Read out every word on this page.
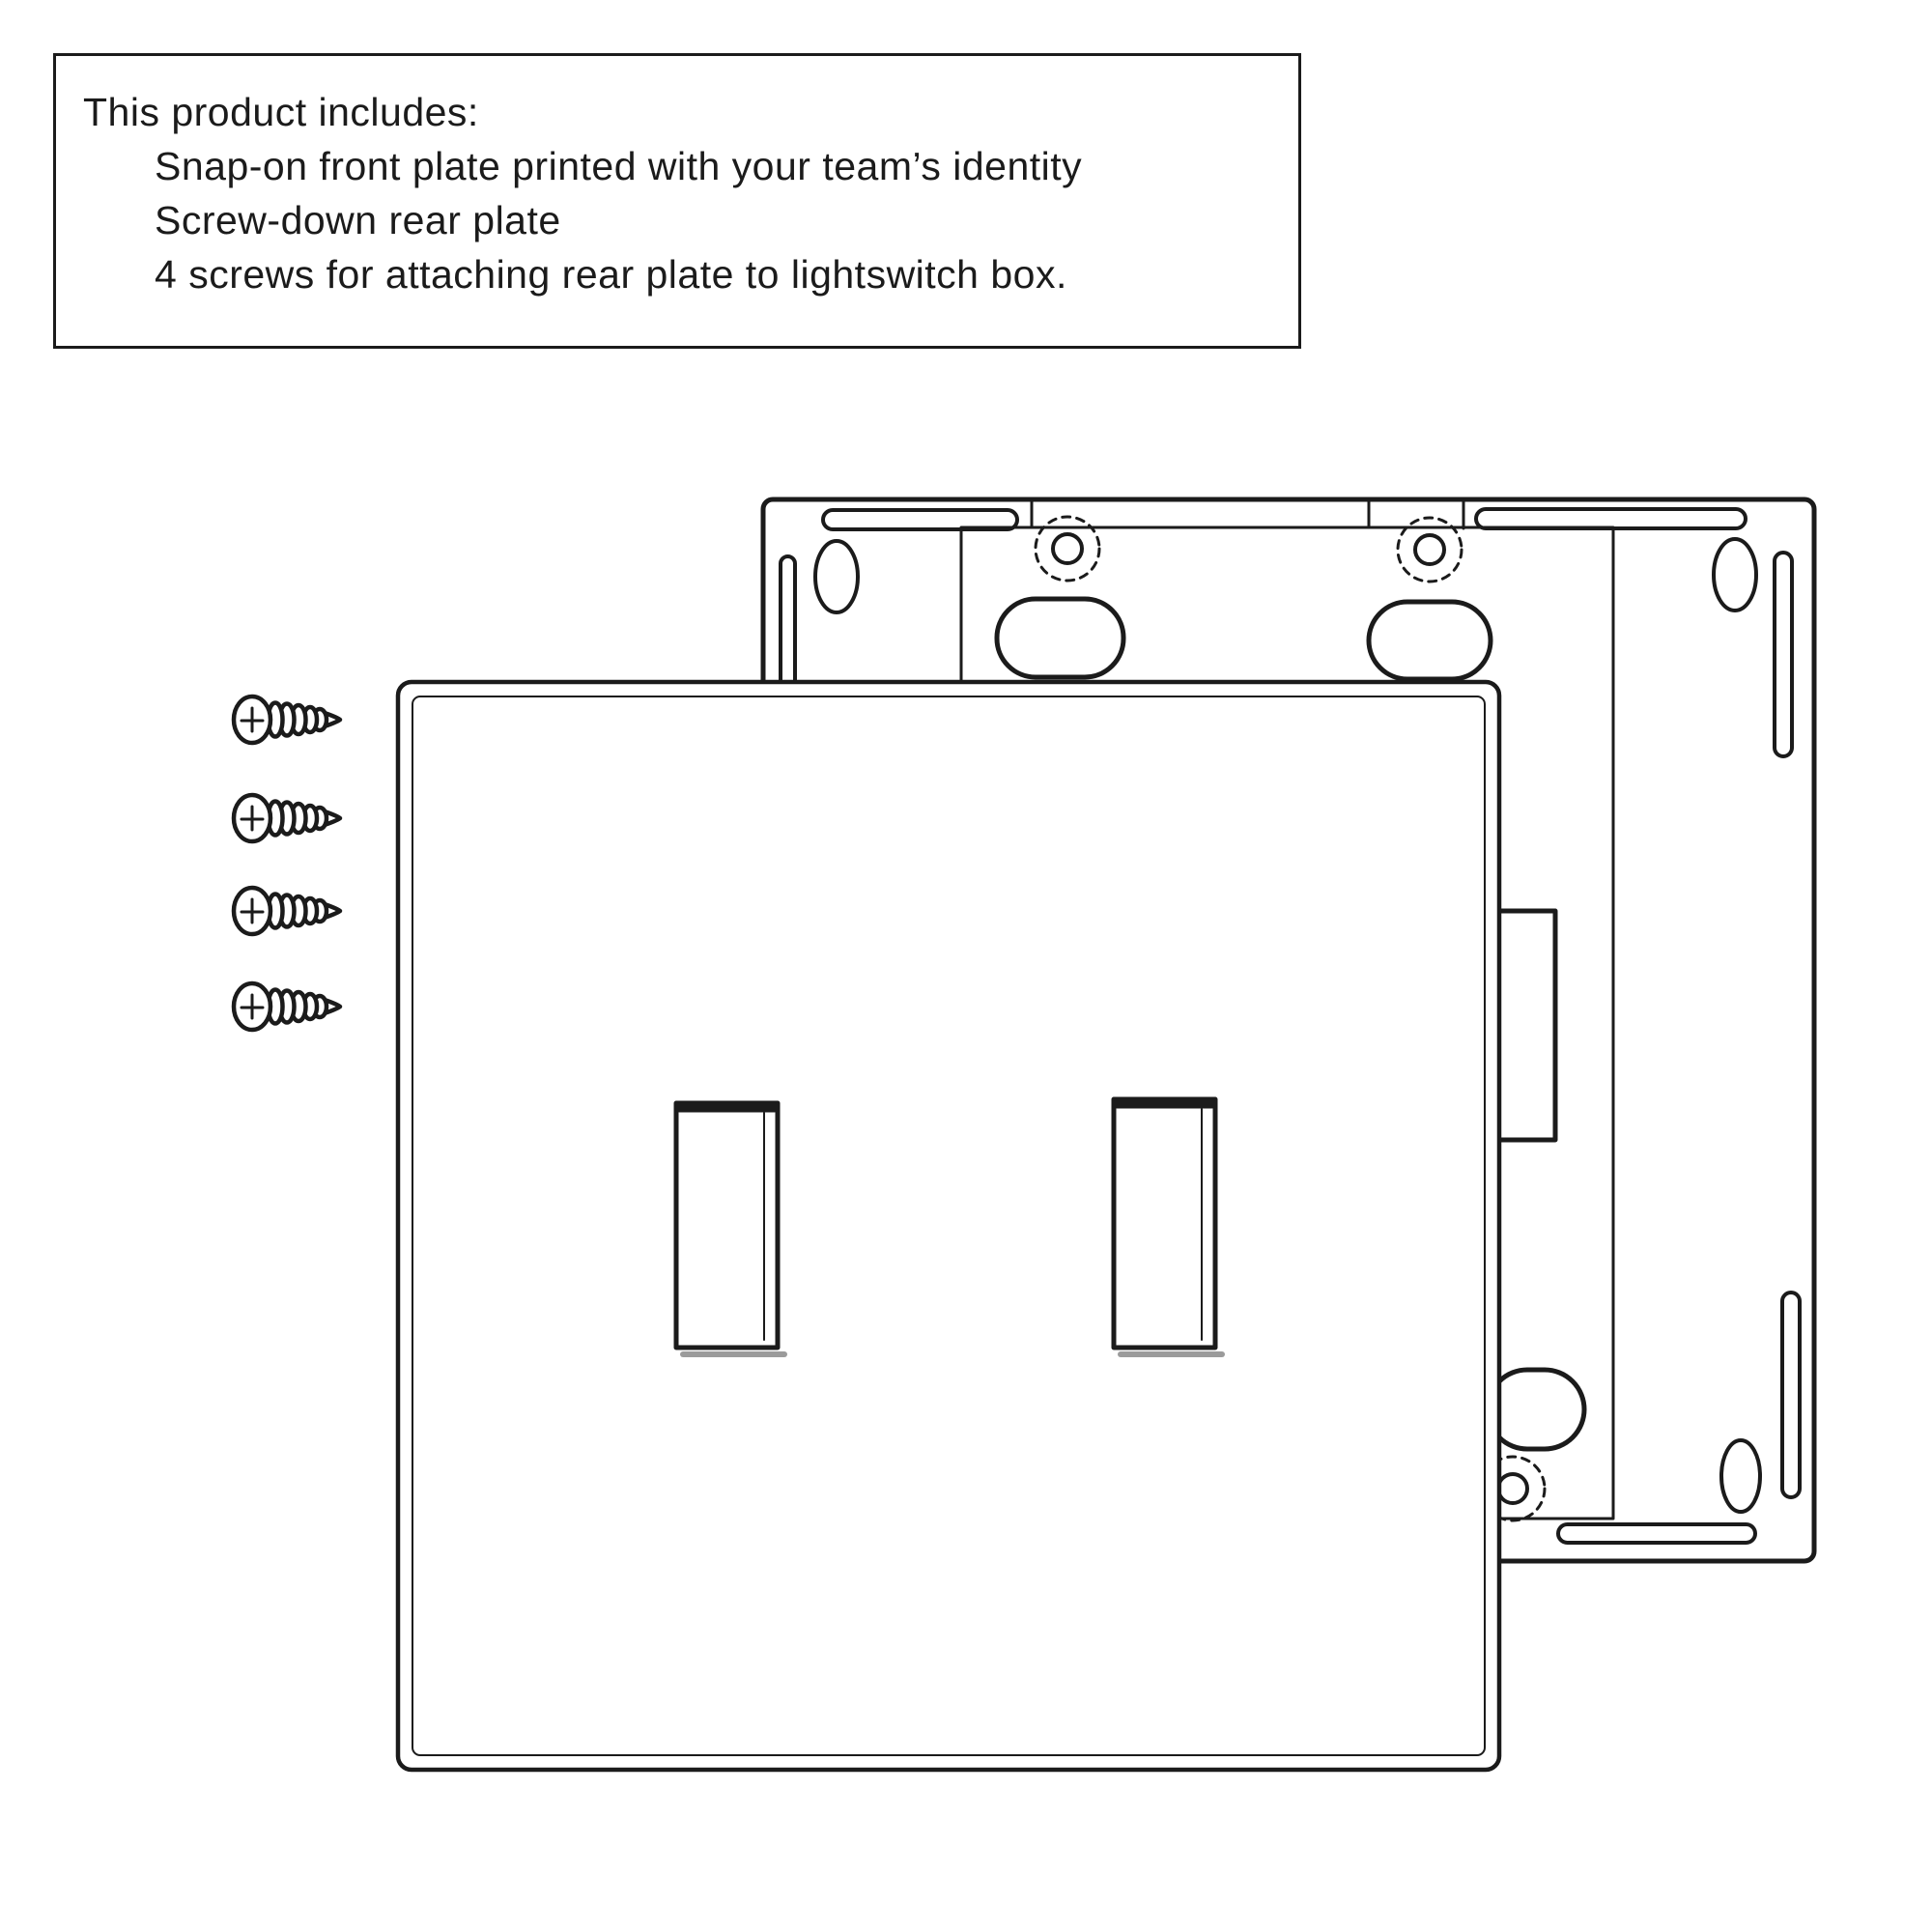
This product includes:
Snap-on front plate printed with your team’s identity
Screw-down rear plate
4 screws for attaching rear plate to lightswitch box.
